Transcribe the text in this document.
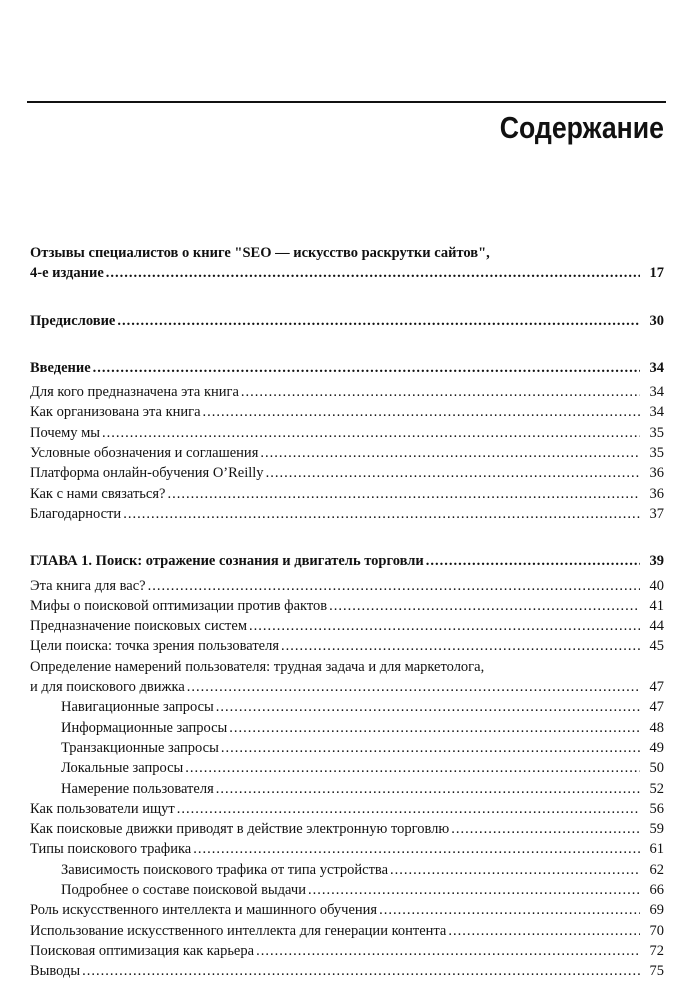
Содержание
Отзывы специалистов о книге "SEO — искусство раскрутки сайтов",
4-е издание .....	17
Предисловие .....	30
Введение .....	34
Для кого предназначена эта книга .....	34
Как организована эта книга .....	34
Почему мы .....	35
Условные обозначения и соглашения .....	35
Платформа онлайн-обучения O’Reilly .....	36
Как с нами связаться? .....	36
Благодарности .....	37
ГЛАВА 1. Поиск: отражение сознания и двигатель торговли .....	39
Эта книга для вас? .....	40
Мифы о поисковой оптимизации против фактов .....	41
Предназначение поисковых систем .....	44
Цели поиска: точка зрения пользователя .....	45
Определение намерений пользователя: трудная задача и для маркетолога,
и для поискового движка .....	47
Навигационные запросы .....	47
Информационные запросы .....	48
Транзакционные запросы .....	49
Локальные запросы .....	50
Намерение пользователя .....	52
Как пользователи ищут .....	56
Как поисковые движки приводят в действие электронную торговлю .....	59
Типы поискового трафика .....	61
Зависимость поискового трафика от типа устройства .....	62
Подробнее о составе поисковой выдачи .....	66
Роль искусственного интеллекта и машинного обучения .....	69
Использование искусственного интеллекта для генерации контента .....	70
Поисковая оптимизация как карьера .....	72
Выводы .....	75
